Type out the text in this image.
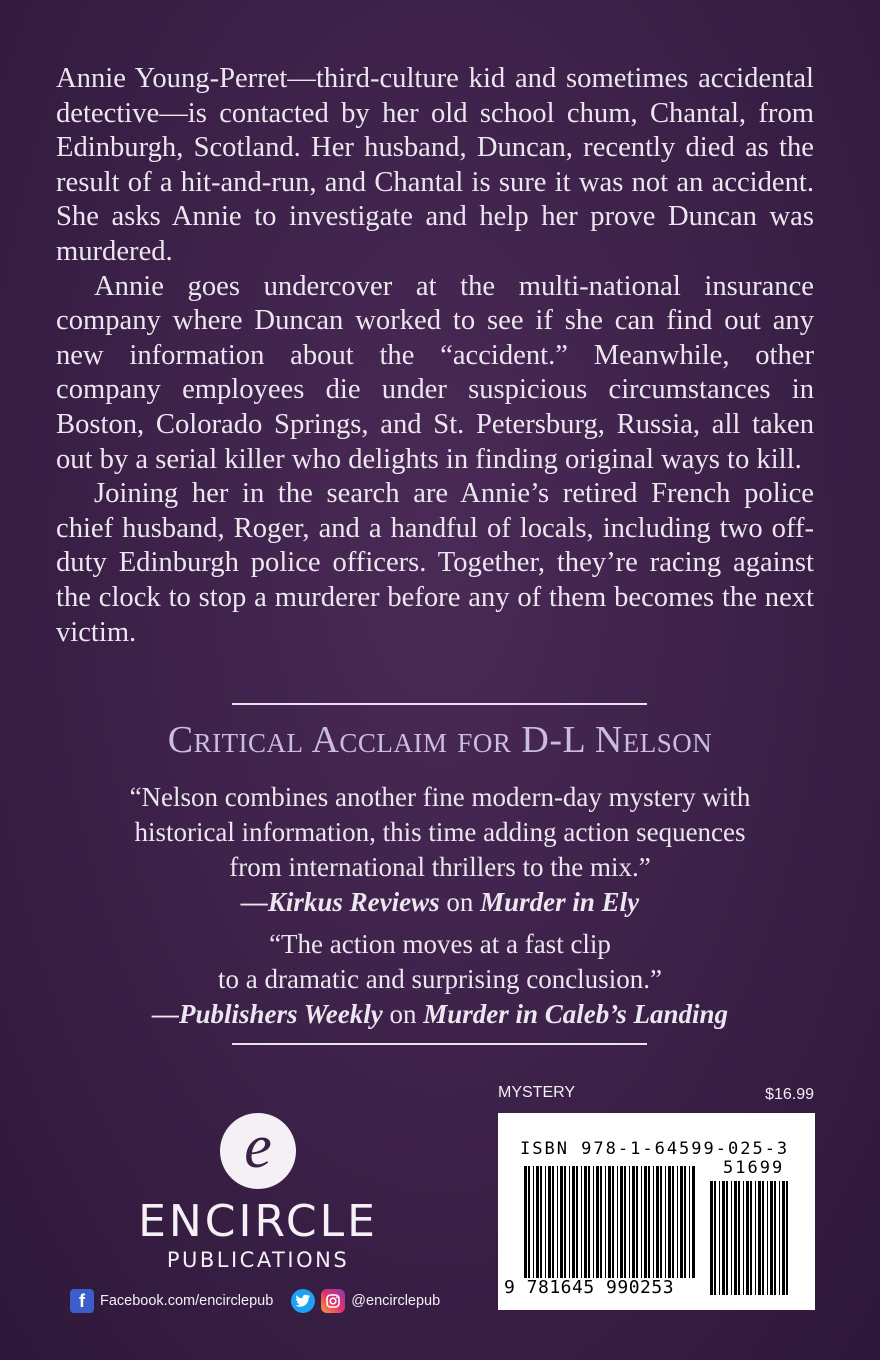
Annie Young-Perret—third-culture kid and sometimes accidental detective—is contacted by her old school chum, Chantal, from Edinburgh, Scotland. Her husband, Duncan, recently died as the result of a hit-and-run, and Chantal is sure it was not an accident. She asks Annie to investigate and help her prove Duncan was murdered.

Annie goes undercover at the multi-national insurance company where Duncan worked to see if she can find out any new information about the “accident.” Meanwhile, other company employees die under suspicious circumstances in Boston, Colorado Springs, and St. Petersburg, Russia, all taken out by a serial killer who delights in finding original ways to kill.

Joining her in the search are Annie’s retired French police chief husband, Roger, and a handful of locals, including two off-duty Edinburgh police officers. Together, they’re racing against the clock to stop a murderer before any of them becomes the next victim.

Critical Acclaim for D-L Nelson
“Nelson combines another fine modern-day mystery with
historical information, this time adding action sequences
from international thrillers to the mix.”
—Kirkus Reviews on Murder in Ely
“The action moves at a fast clip
to a dramatic and surprising conclusion.”
—Publishers Weekly on Murder in Caleb’s Landing
e
ENCIRCLE
PUBLICATIONS
f	Facebook.com/encirclepub	@encirclepub
MYSTERY	$16.99
ISBN 978-1-64599-025-3
51699
9 781645 990253
